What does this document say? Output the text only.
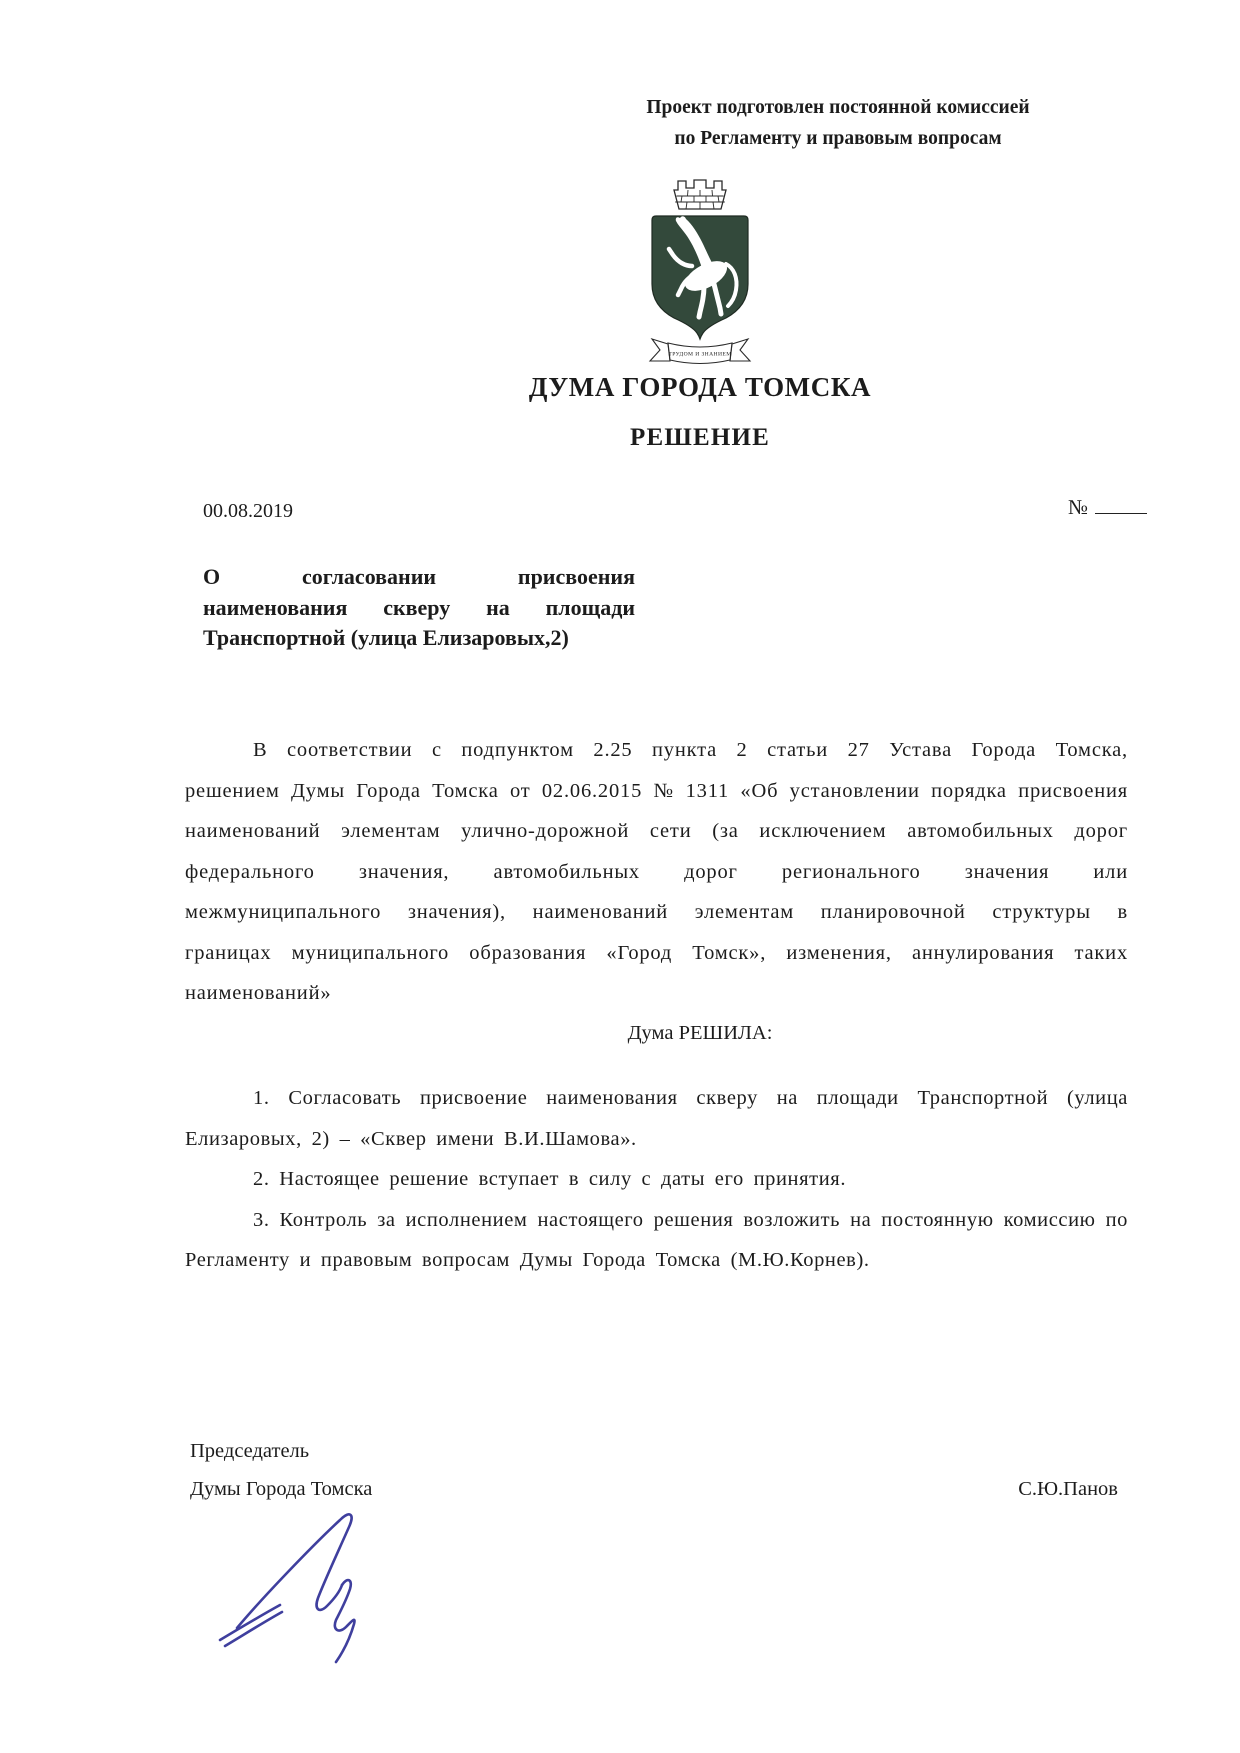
Проект подготовлен постоянной комиссией
по Регламенту и правовым вопросам
ТРУДОМ И ЗНАНИЕМ
ДУМА ГОРОДА ТОМСКА
РЕШЕНИЕ
00.08.2019	№
О согласовании присвоения
наименования скверу на площади
Транспортной (улица Елизаровых,2)

В соответствии с подпунктом 2.25 пункта 2 статьи 27 Устава Города Томска, решением Думы Города Томска от 02.06.2015 № 1311 «Об установлении порядка присвоения наименований элементам улично-дорожной сети (за исключением автомобильных дорог федерального значения, автомобильных дорог регионального значения или межмуниципального значения), наименований элементам планировочной структуры в границах муниципального образования «Город Томск», изменения, аннулирования таких наименований»

Дума РЕШИЛА:

1. Согласовать присвоение наименования скверу на площади Транспортной (улица Елизаровых, 2) – «Сквер имени В.И.Шамова».

2. Настоящее решение вступает в силу с даты его принятия.

3. Контроль за исполнением настоящего решения возложить на постоянную комиссию по Регламенту и правовым вопросам Думы Города Томска (М.Ю.Корнев).

Председатель
Думы Города Томска	С.Ю.Панов
